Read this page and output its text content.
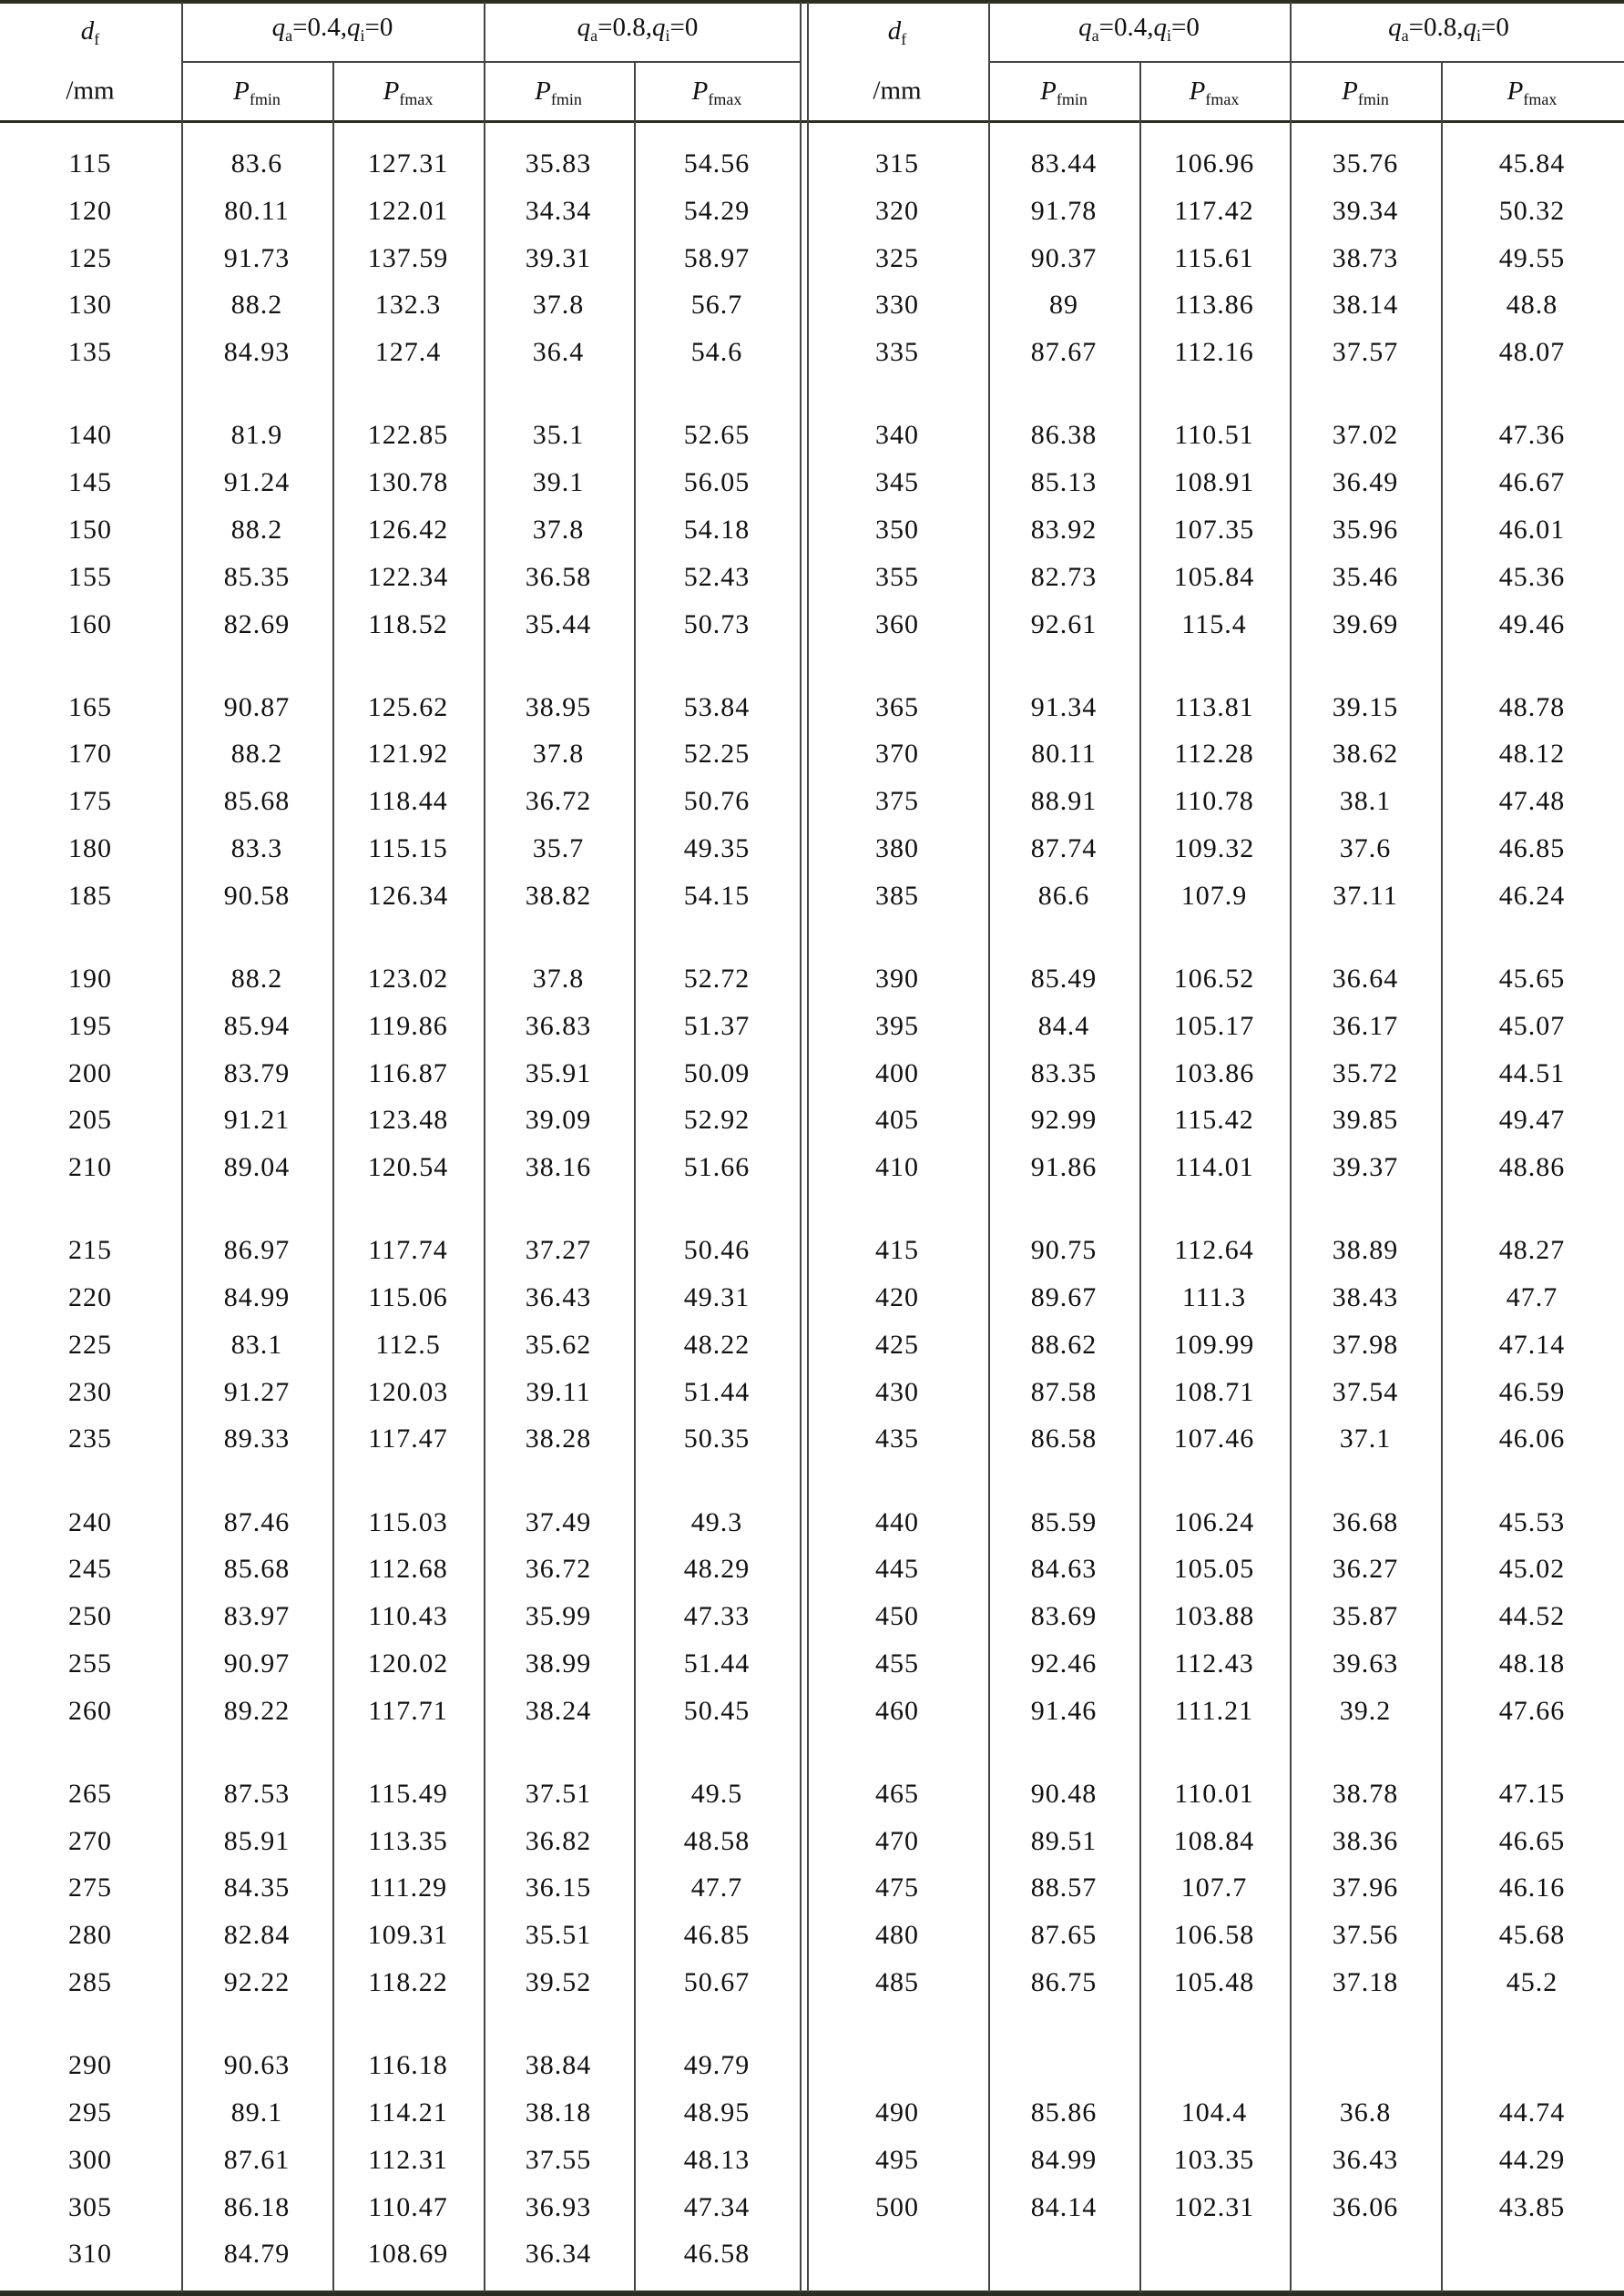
$d_f$
/mm
$q_a=0.4,q_i=0$	$q_a=0.8,q_i=0$
$P_{fmin}$	$P_{fmax}$	$P_{fmin}$	$P_{fmax}$
115	83.6	127.31	35.83	54.56
120	80.11	122.01	34.34	54.29
125	91.73	137.59	39.31	58.97
130	88.2	132.3	37.8	56.7
135	84.93	127.4	36.4	54.6
140	81.9	122.85	35.1	52.65
145	91.24	130.78	39.1	56.05
150	88.2	126.42	37.8	54.18
155	85.35	122.34	36.58	52.43
160	82.69	118.52	35.44	50.73
165	90.87	125.62	38.95	53.84
170	88.2	121.92	37.8	52.25
175	85.68	118.44	36.72	50.76
180	83.3	115.15	35.7	49.35
185	90.58	126.34	38.82	54.15
190	88.2	123.02	37.8	52.72
195	85.94	119.86	36.83	51.37
200	83.79	116.87	35.91	50.09
205	91.21	123.48	39.09	52.92
210	89.04	120.54	38.16	51.66
215	86.97	117.74	37.27	50.46
220	84.99	115.06	36.43	49.31
225	83.1	112.5	35.62	48.22
230	91.27	120.03	39.11	51.44
235	89.33	117.47	38.28	50.35
240	87.46	115.03	37.49	49.3
245	85.68	112.68	36.72	48.29
250	83.97	110.43	35.99	47.33
255	90.97	120.02	38.99	51.44
260	89.22	117.71	38.24	50.45
265	87.53	115.49	37.51	49.5
270	85.91	113.35	36.82	48.58
275	84.35	111.29	36.15	47.7
280	82.84	109.31	35.51	46.85
285	92.22	118.22	39.52	50.67
290	90.63	116.18	38.84	49.79
295	89.1	114.21	38.18	48.95
300	87.61	112.31	37.55	48.13
305	86.18	110.47	36.93	47.34
310	84.79	108.69	36.34	46.58
$d_f$
/mm
$q_a=0.4,q_i=0$	$q_a=0.8,q_i=0$
$P_{fmin}$	$P_{fmax}$	$P_{fmin}$	$P_{fmax}$
315	83.44	106.96	35.76	45.84
320	91.78	117.42	39.34	50.32
325	90.37	115.61	38.73	49.55
330	89	113.86	38.14	48.8
335	87.67	112.16	37.57	48.07
340	86.38	110.51	37.02	47.36
345	85.13	108.91	36.49	46.67
350	83.92	107.35	35.96	46.01
355	82.73	105.84	35.46	45.36
360	92.61	115.4	39.69	49.46
365	91.34	113.81	39.15	48.78
370	80.11	112.28	38.62	48.12
375	88.91	110.78	38.1	47.48
380	87.74	109.32	37.6	46.85
385	86.6	107.9	37.11	46.24
390	85.49	106.52	36.64	45.65
395	84.4	105.17	36.17	45.07
400	83.35	103.86	35.72	44.51
405	92.99	115.42	39.85	49.47
410	91.86	114.01	39.37	48.86
415	90.75	112.64	38.89	48.27
420	89.67	111.3	38.43	47.7
425	88.62	109.99	37.98	47.14
430	87.58	108.71	37.54	46.59
435	86.58	107.46	37.1	46.06
440	85.59	106.24	36.68	45.53
445	84.63	105.05	36.27	45.02
450	83.69	103.88	35.87	44.52
455	92.46	112.43	39.63	48.18
460	91.46	111.21	39.2	47.66
465	90.48	110.01	38.78	47.15
470	89.51	108.84	38.36	46.65
475	88.57	107.7	37.96	46.16
480	87.65	106.58	37.56	45.68
485	86.75	105.48	37.18	45.2
490	85.86	104.4	36.8	44.74
495	84.99	103.35	36.43	44.29
500	84.14	102.31	36.06	43.85
